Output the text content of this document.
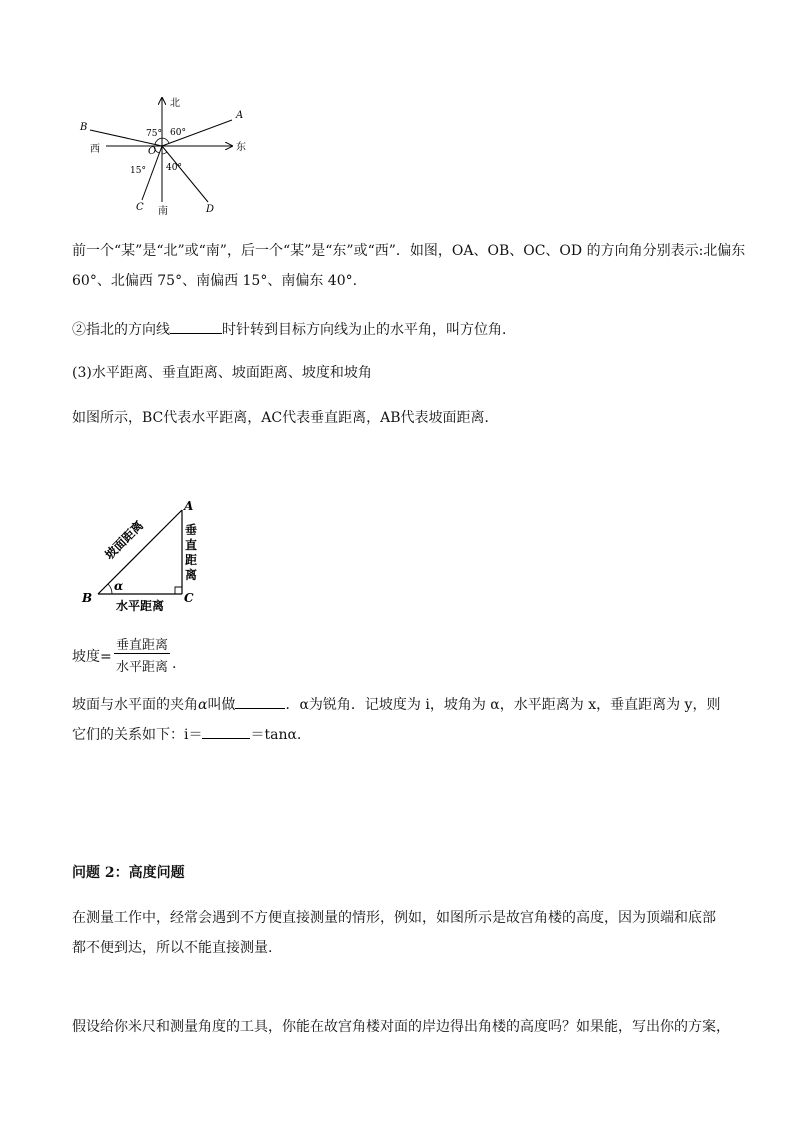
北
南
东
西	O
A
B
C	D
60°
75°
15° 40°
前一个“某”是“北”或“南”，后一个“某”是“东”或“西”．如图，OA、OB、OC、OD 的方向角分别表示:北偏东
60°、北偏西 75°、南偏西 15°、南偏东 40°.
②指北的方向线	时针转到目标方向线为止的水平角，叫方位角．
(3)水平距离、垂直距离、坡面距离、坡度和坡角
如图所示，BC代表水平距离，AC代表垂直距离，AB代表坡面距离．
A
B	C
α
坡面距离	垂
直
距
离
水平距离
坡度=
垂直距离
水平距离 .
坡面与水平面的夹角α叫做	．α为锐角．记坡度为 i，坡角为 α，水平距离为 x，垂直距离为 y，则
它们的关系如下：i＝	＝tanα.
问题 2：高度问题
在测量工作中，经常会遇到不方便直接测量的情形，例如，如图所示是故宫角楼的高度，因为顶端和底部
都不便到达，所以不能直接测量.
假设给你米尺和测量角度的工具，你能在故宫角楼对面的岸边得出角楼的高度吗？如果能，写出你的方案，
